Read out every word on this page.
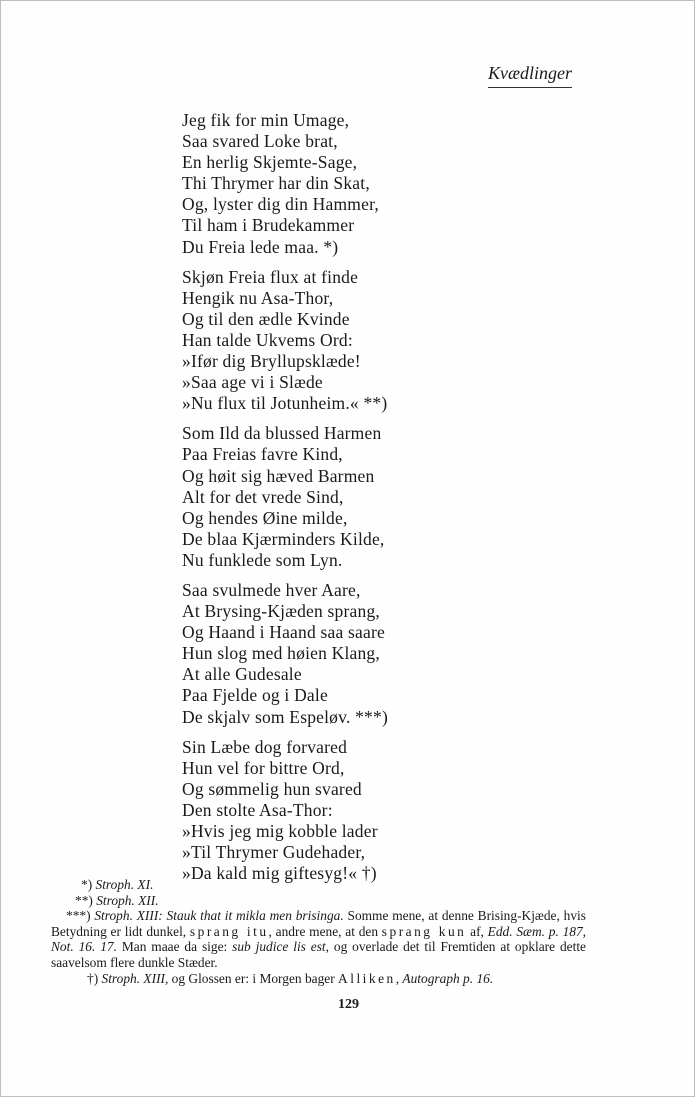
Kvædlinger
Jeg fik for min Umage,
Saa svared Loke brat,
En herlig Skjemte-Sage,
Thi Thrymer har din Skat,
Og, lyster dig din Hammer,
Til ham i Brudekammer
Du Freia lede maa. *)
Skjøn Freia flux at finde
Hengik nu Asa-Thor,
Og til den ædle Kvinde
Han talde Ukvems Ord:
»Ifør dig Bryllupsklæde!
»Saa age vi i Slæde
»Nu flux til Jotunheim.« **)
Som Ild da blussed Harmen
Paa Freias favre Kind,
Og høit sig hæved Barmen
Alt for det vrede Sind,
Og hendes Øine milde,
De blaa Kjærminders Kilde,
Nu funklede som Lyn.
Saa svulmede hver Aare,
At Brysing-Kjæden sprang,
Og Haand i Haand saa saare
Hun slog med høien Klang,
At alle Gudesale
Paa Fjelde og i Dale
De skjalv som Espeløv. ***)
Sin Læbe dog forvared
Hun vel for bittre Ord,
Og sømmelig hun svared
Den stolte Asa-Thor:
»Hvis jeg mig kobble lader
»Til Thrymer Gudehader,
»Da kald mig giftesyg!« †)
*) Stroph. XI.
**) Stroph. XII.
***) Stroph. XIII: Stauk that it mikla men brisinga. Somme mene, at denne Brising-Kjæde, hvis Betydning er lidt dunkel, sprang itu, andre mene, at den sprang kun af, Edd. Sæm. p. 187, Not. 16. 17. Man maae da sige: sub judice lis est, og overlade det til Fremtiden at opklare dette saavelsom flere dunkle Stæder.
†) Stroph. XIII, og Glossen er: i Morgen bager Alliken, Autograph p. 16.
129
